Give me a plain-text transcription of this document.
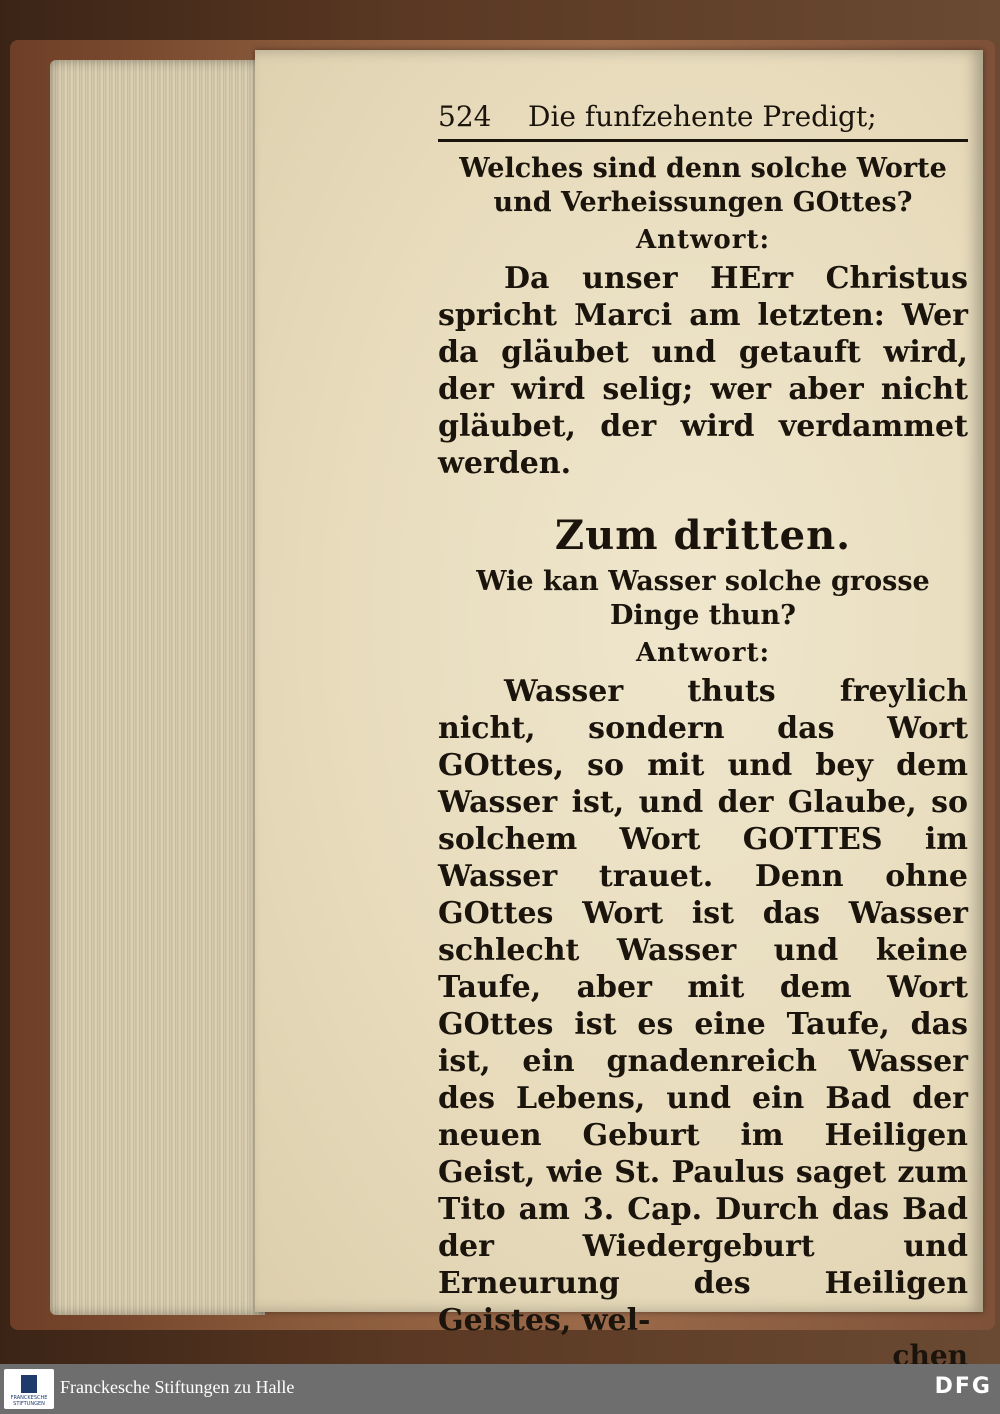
524	Die funfzehente Predigt;
Welches sind denn solche Worte und Verheissungen GOttes?
Antwort:
Da unser HErr Christus spricht Marci am letzten: Wer da gläubet und getauft wird, der wird selig; wer aber nicht gläubet, der wird verdammet werden.
Zum dritten.
Wie kan Wasser solche grosse Dinge thun?
Antwort:
Wasser thuts freylich nicht, sondern das Wort GOttes, so mit und bey dem Wasser ist, und der Glaube, so solchem Wort GOTTES im Wasser trauet. Denn ohne GOttes Wort ist das Wasser schlecht Wasser und keine Taufe, aber mit dem Wort GOttes ist es eine Taufe, das ist, ein gnadenreich Wasser des Lebens, und ein Bad der neuen Geburt im Heiligen Geist, wie St. Paulus saget zum Tito am 3. Cap. Durch das Bad der Wiedergeburt und Erneurung des Heiligen Geistes, wel-
chen
FRANCKESCHE STIFTUNGEN
Franckesche Stiftungen zu Halle	DFG
